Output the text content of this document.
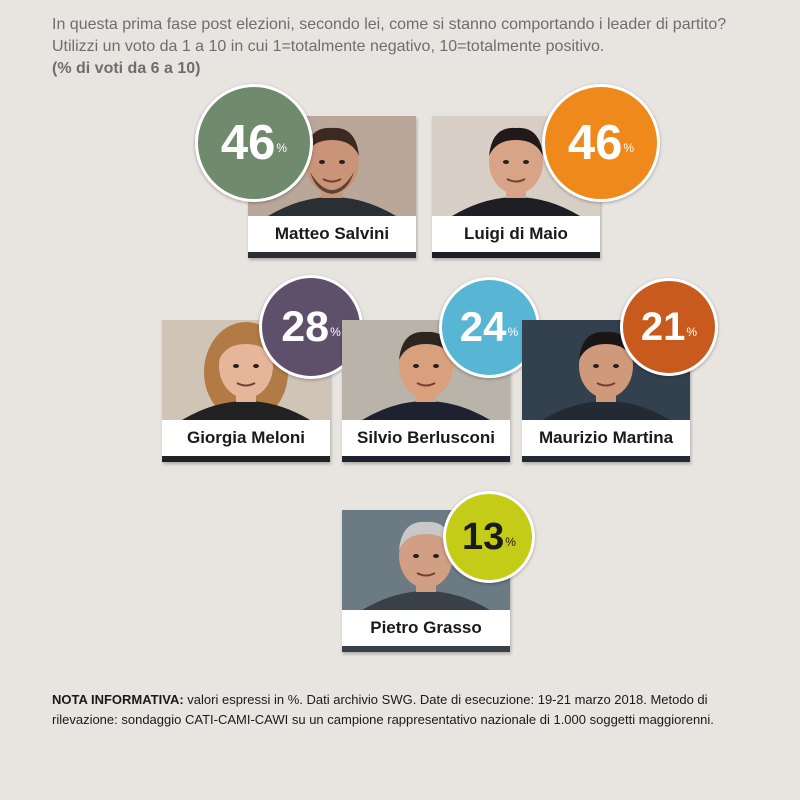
In questa prima fase post elezioni, secondo lei, come si stanno comportando i leader di partito? Utilizzi un voto da 1 a 10 in cui 1=totalmente negativo, 10=totalmente positivo.
(% di voti da 6 a 10)
Matteo Salvini
46 %
Luigi di Maio
46 %
Giorgia Meloni
28 %
Silvio Berlusconi
24 %
Maurizio Martina
21 %
Pietro Grasso
13 %
NOTA INFORMATIVA: valori espressi in %. Dati archivio SWG. Date di esecuzione: 19-21 marzo 2018. Metodo di rilevazione: sondaggio CATI-CAMI-CAWI su un campione rappresentativo nazionale di 1.000 soggetti maggiorenni.
